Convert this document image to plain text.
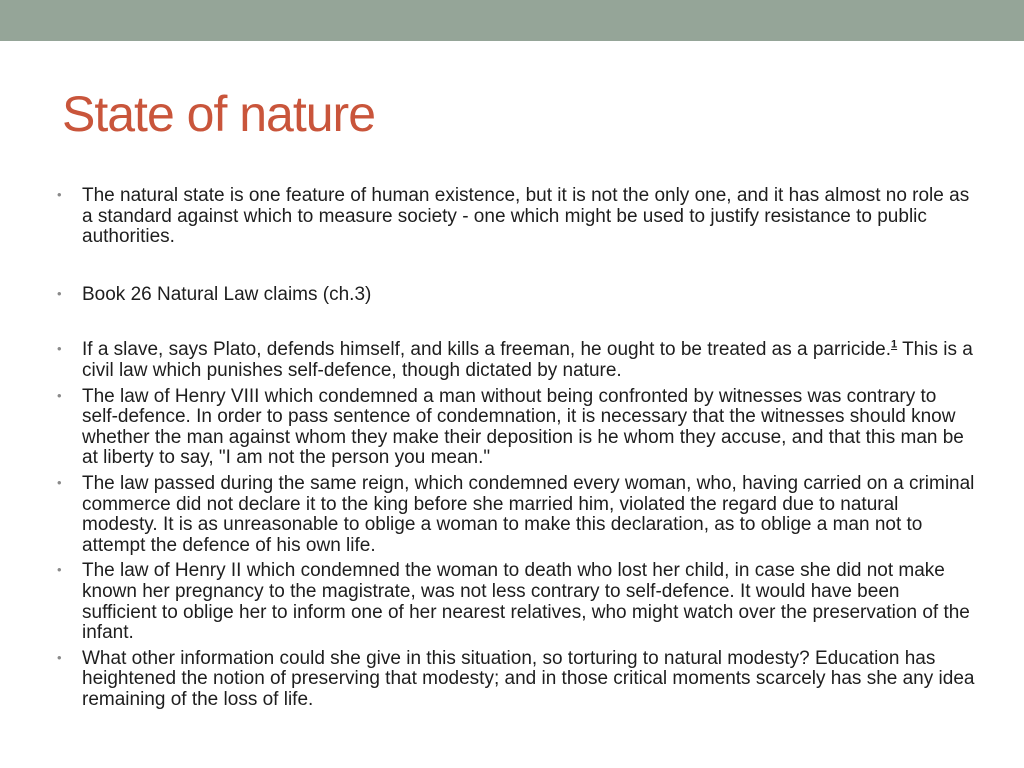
State of nature
• The natural state is one feature of human existence, but it is not the only one, and it has almost no role as a standard against which to measure society - one which might be used to justify resistance to public authorities.
• Book 26 Natural Law claims (ch.3)
• If a slave, says Plato, defends himself, and kills a freeman, he ought to be treated as a parricide.$^1$ This is a civil law which punishes self-defence, though dictated by nature.
• The law of Henry VIII which condemned a man without being confronted by witnesses was contrary to self-defence. In order to pass sentence of condemnation, it is necessary that the witnesses should know whether the man against whom they make their deposition is he whom they accuse, and that this man be at liberty to say, "I am not the person you mean."
• The law passed during the same reign, which condemned every woman, who, having carried on a criminal commerce did not declare it to the king before she married him, violated the regard due to natural modesty. It is as unreasonable to oblige a woman to make this declaration, as to oblige a man not to attempt the defence of his own life.
• The law of Henry II which condemned the woman to death who lost her child, in case she did not make known her pregnancy to the magistrate, was not less contrary to self-defence. It would have been sufficient to oblige her to inform one of her nearest relatives, who might watch over the preservation of the infant.
• What other information could she give in this situation, so torturing to natural modesty? Education has heightened the notion of preserving that modesty; and in those critical moments scarcely has she any idea remaining of the loss of life.
